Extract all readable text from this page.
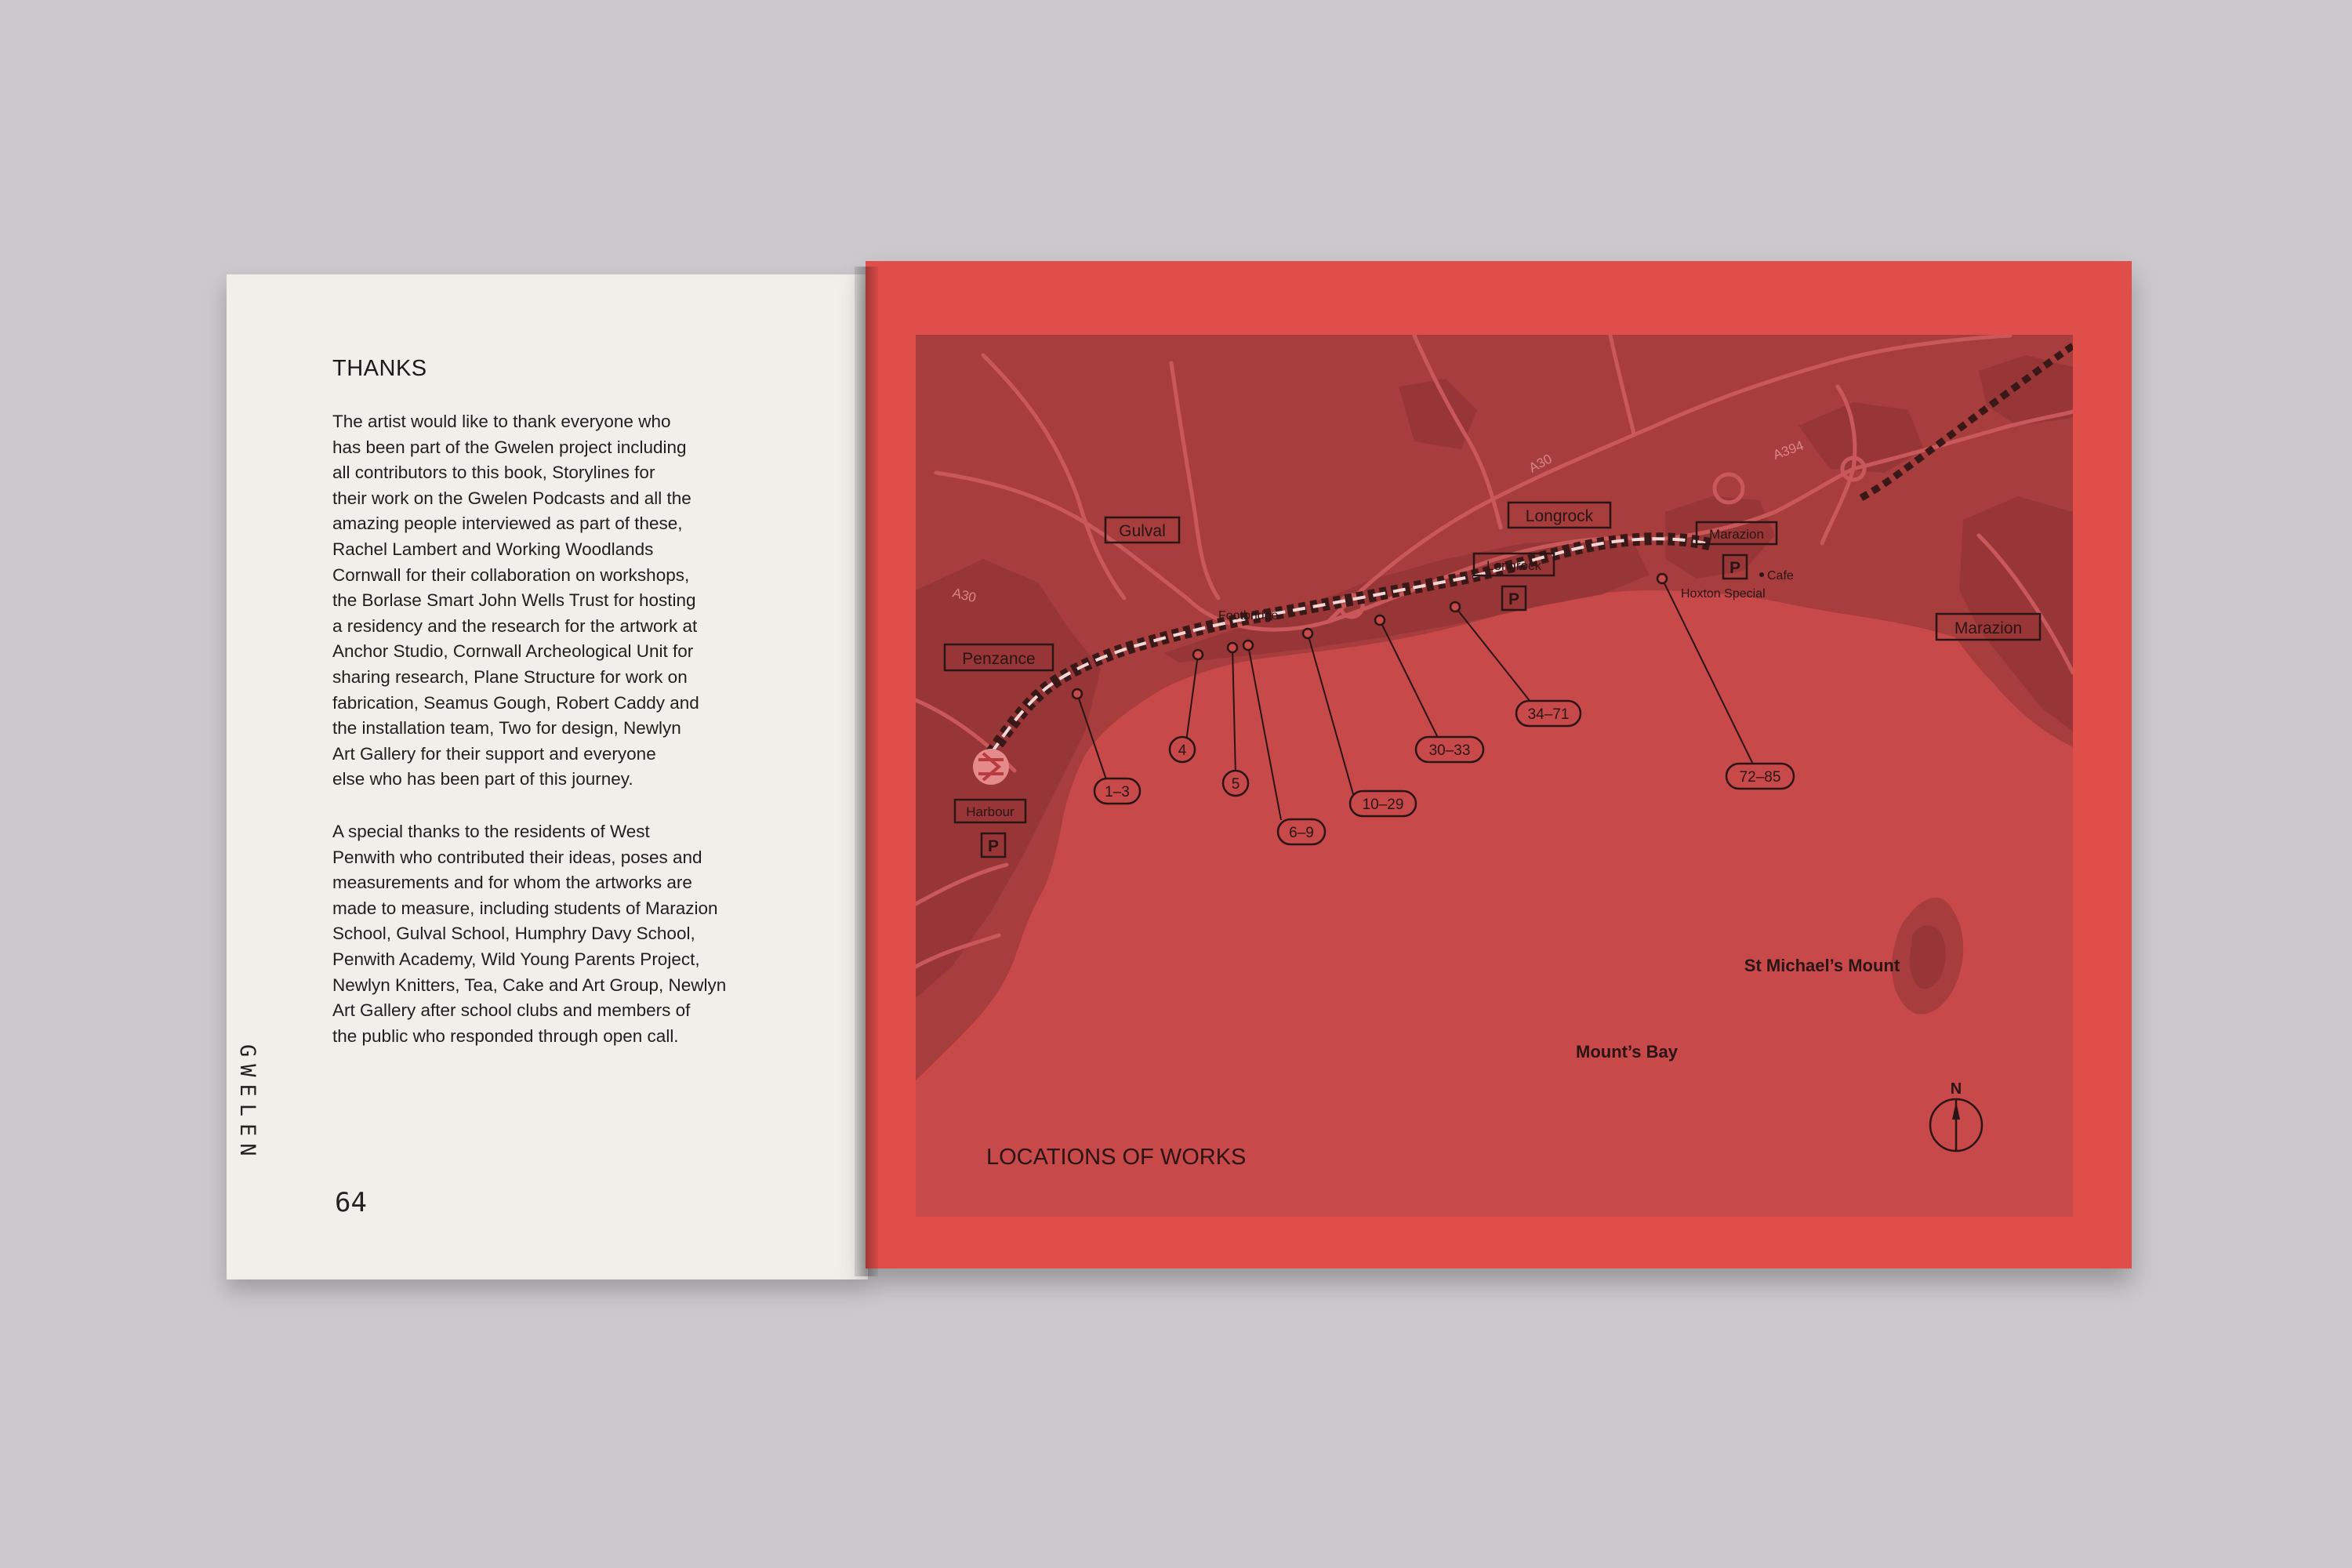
THANKS
The artist would like to thank everyone who
has been part of the Gwelen project including
all contributors to this book, Storylines for
their work on the Gwelen Podcasts and all the
amazing people interviewed as part of these,
Rachel Lambert and Working Woodlands
Cornwall for their collaboration on workshops,
the Borlase Smart John Wells Trust for hosting
a residency and the research for the artwork at
Anchor Studio, Cornwall Archeological Unit for
sharing research, Plane Structure for work on
fabrication, Seamus Gough, Robert Caddy and
the installation team, Two for design, Newlyn
Art Gallery for their support and everyone
else who has been part of this journey.
A special thanks to the residents of West
Penwith who contributed their ideas, poses and
measurements and for whom the artworks are
made to measure, including students of Marazion
School, Gulval School, Humphry Davy School,
Penwith Academy, Wild Young Parents Project,
Newlyn Knitters, Tea, Cake and Art Group, Newlyn
Art Gallery after school clubs and members of
the public who responded through open call.
GWELEN
64
A394
A30
A30
Gulval
Longrock
Marazion
Longrock
Penzance
Marazion
Harbour
P
P
P
Footbridge
Cafe
Hoxton Special
1–3
4
5
6–9
10–29
30–33
34–71
72–85
St Michael’s Mount
Mount’s Bay
N
LOCATIONS OF WORKS
